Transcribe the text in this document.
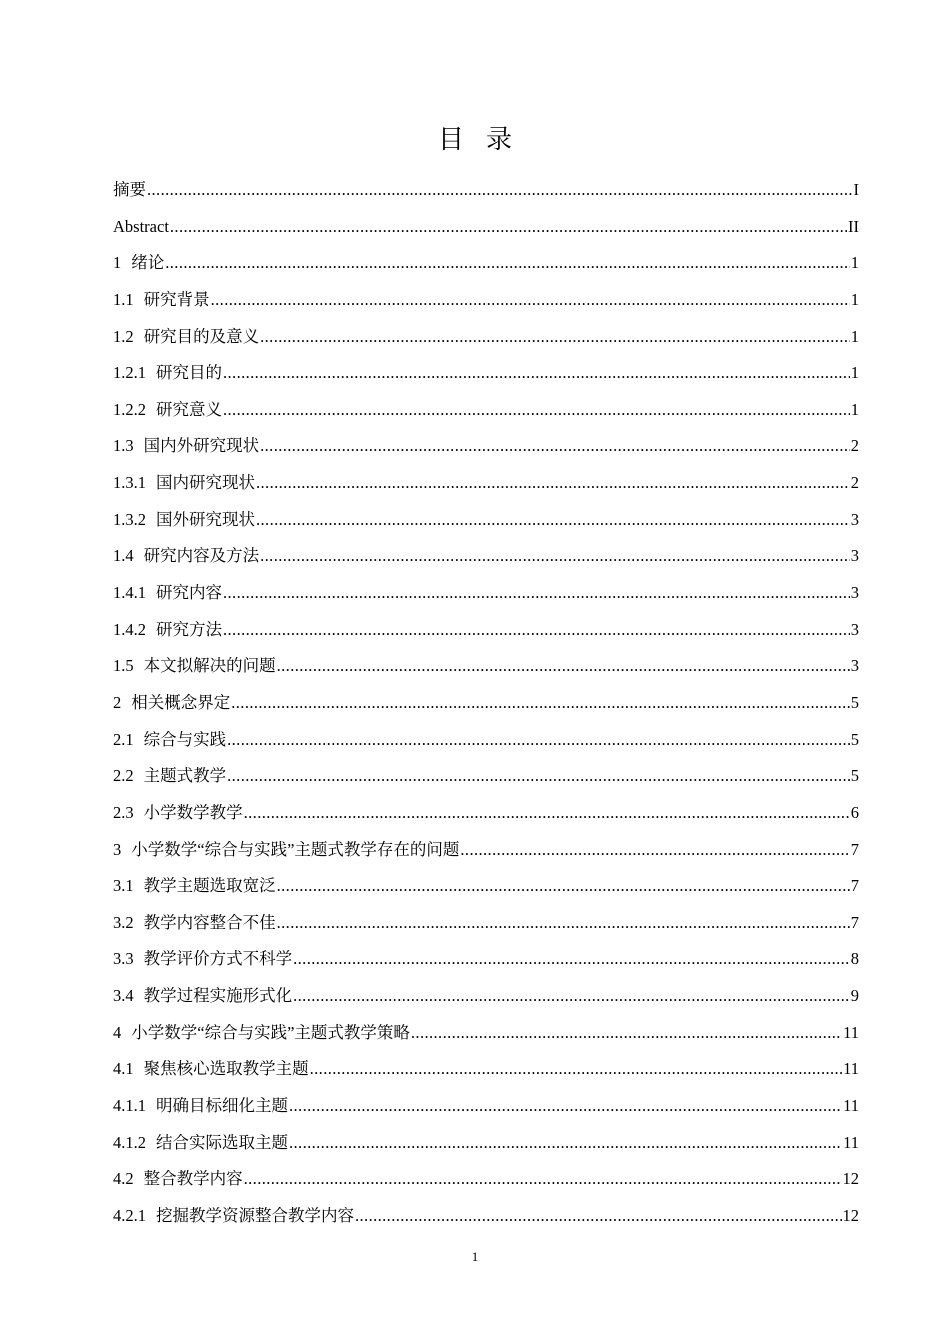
目录
摘要 .....	I
Abstract .....	II
1 绪论 .....	1
1.1 研究背景 .....	1
1.2 研究目的及意义 .....	1
1.2.1 研究目的 .....	1
1.2.2 研究意义 .....	1
1.3 国内外研究现状 .....	2
1.3.1 国内研究现状 .....	2
1.3.2 国外研究现状 .....	3
1.4 研究内容及方法 .....	3
1.4.1 研究内容 .....	3
1.4.2 研究方法 .....	3
1.5 本文拟解决的问题 .....	3
2 相关概念界定 .....	5
2.1 综合与实践 .....	5
2.2 主题式教学 .....	5
2.3 小学数学教学 .....	6
3 小学数学“综合与实践”主题式教学存在的问题 .....	7
3.1 教学主题选取宽泛 .....	7
3.2 教学内容整合不佳 .....	7
3.3 教学评价方式不科学 .....	8
3.4 教学过程实施形式化 .....	9
4 小学数学“综合与实践”主题式教学策略 .....	11
4.1 聚焦核心选取教学主题 .....	11
4.1.1 明确目标细化主题 .....	11
4.1.2 结合实际选取主题 .....	11
4.2 整合教学内容 .....	12
4.2.1 挖掘教学资源整合教学内容 .....	12
1
